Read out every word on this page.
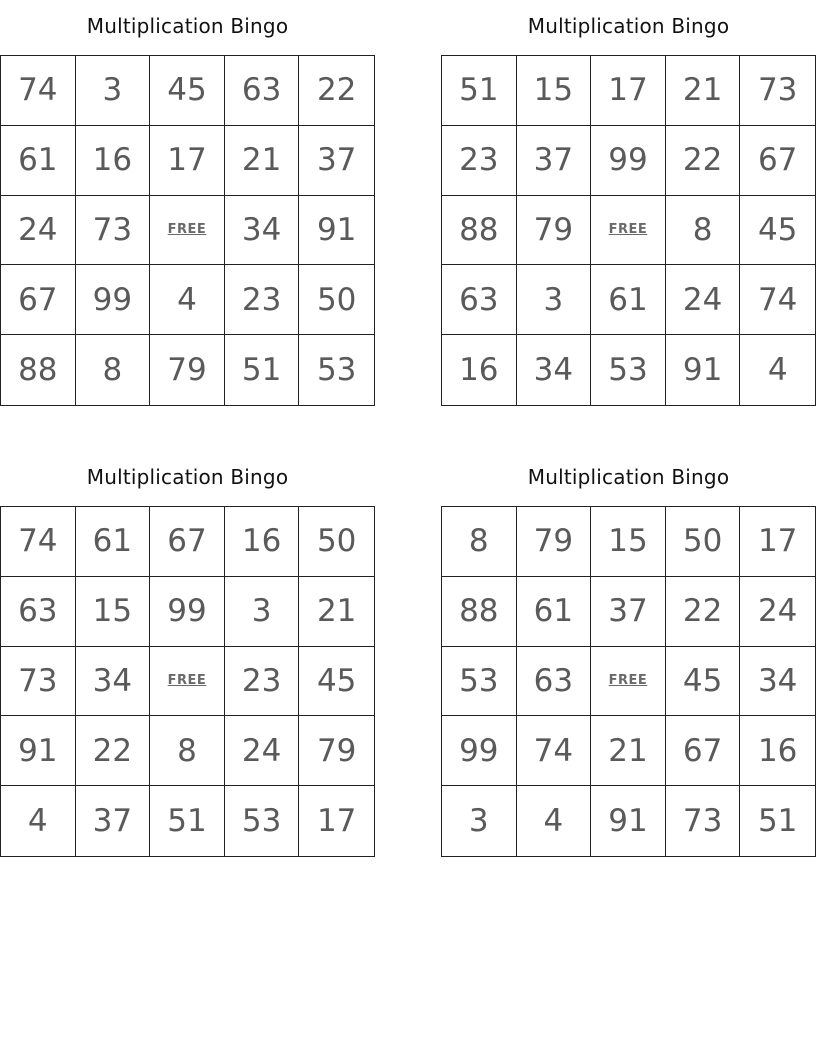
Multiplication Bingo
74	3	45	63	22
61	16	17	21	37
24	73	FREE	34	91
67	99	4	23	50
88	8	79	51	53
Multiplication Bingo
51	15	17	21	73
23	37	99	22	67
88	79	FREE	8	45
63	3	61	24	74
16	34	53	91	4
Multiplication Bingo
74	61	67	16	50
63	15	99	3	21
73	34	FREE	23	45
91	22	8	24	79
4	37	51	53	17
Multiplication Bingo
8	79	15	50	17
88	61	37	22	24
53	63	FREE	45	34
99	74	21	67	16
3	4	91	73	51
